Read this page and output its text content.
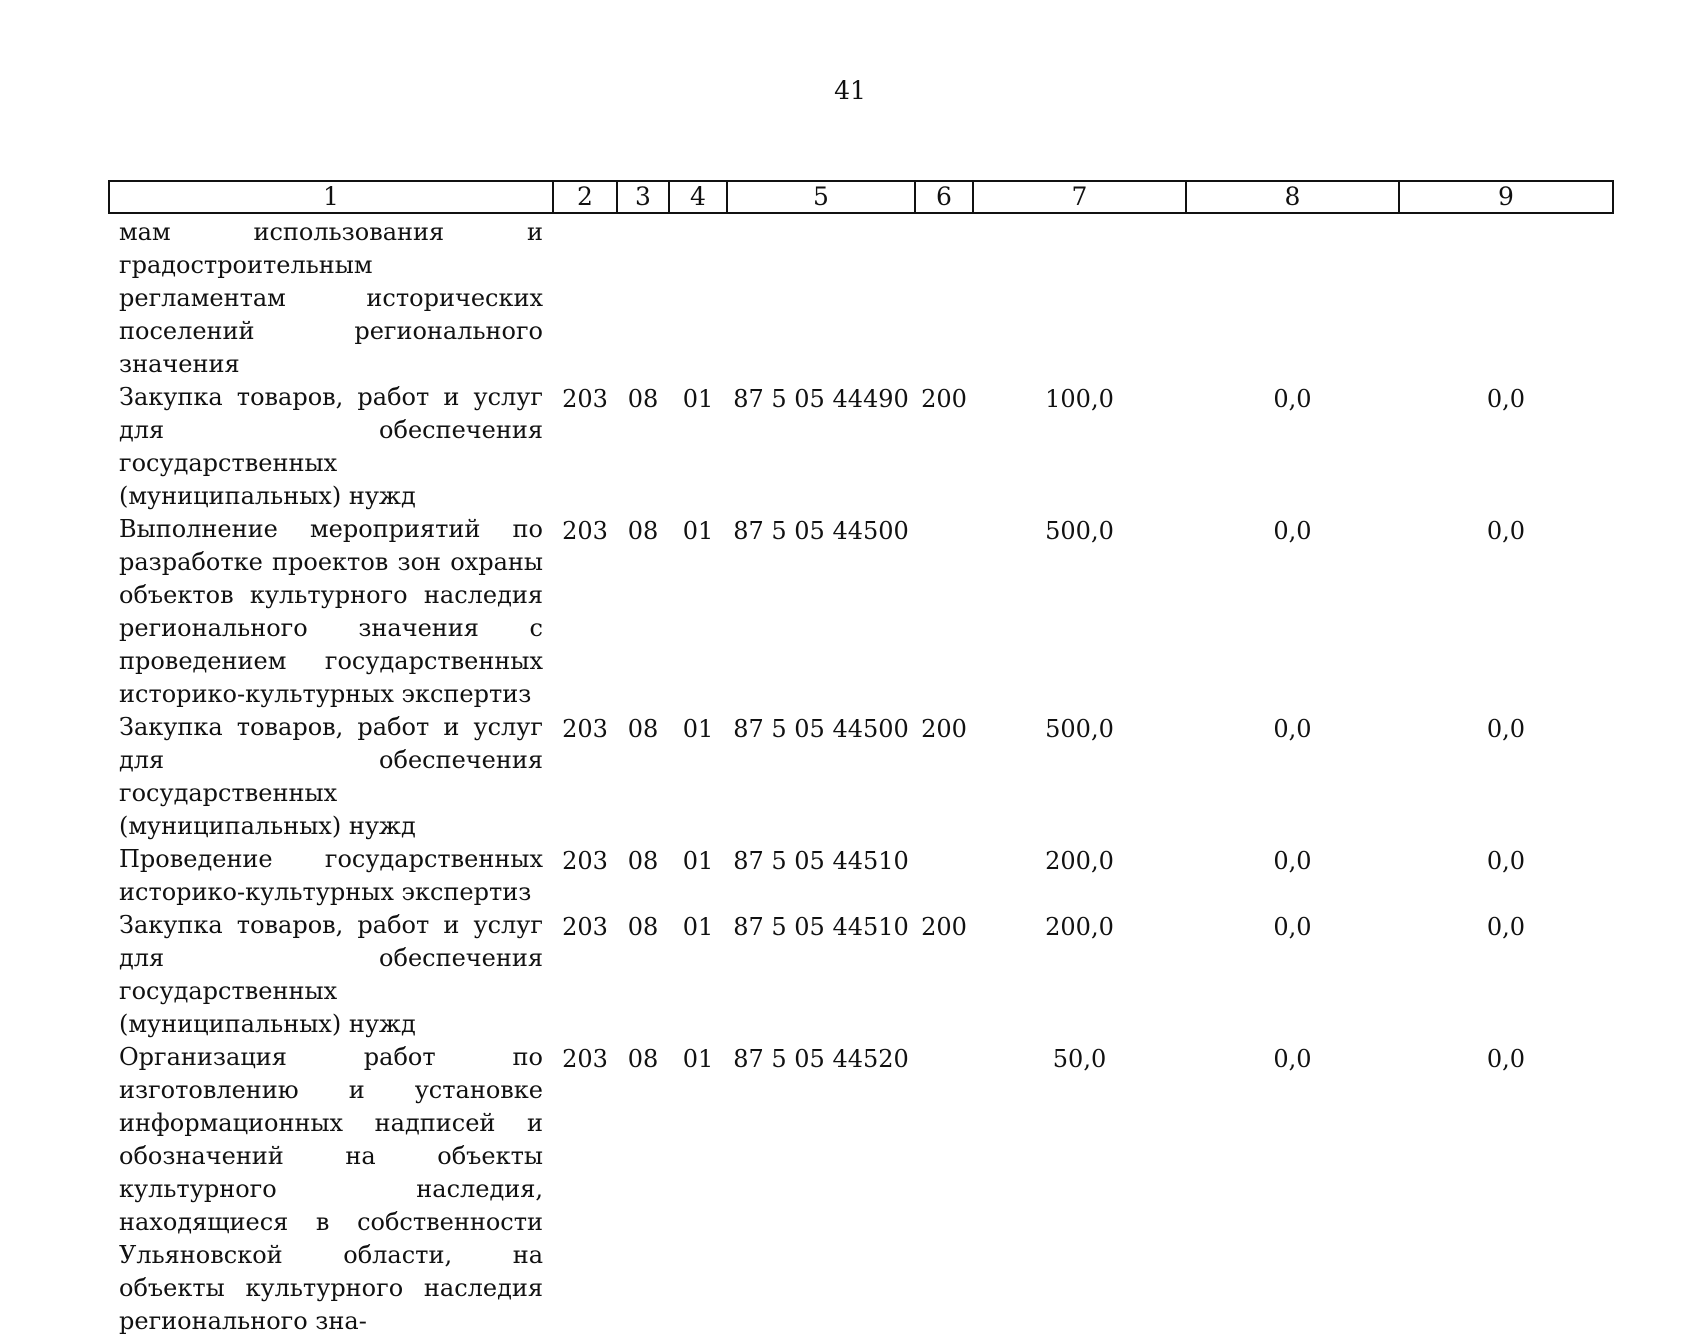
41
1	2	3	4	5	6	7	8	9
мам использования и градостроительным регламентам исторических поселений регионального значения								
Закупка товаров, работ и услуг для обеспечения государственных (муниципальных) нужд	203	08	01	87 5 05 44490	200	100,0	0,0	0,0
Выполнение мероприятий по разработке проектов зон охраны объектов культурного наследия регионального значения с проведением государственных историко-культурных экспертиз	203	08	01	87 5 05 44500		500,0	0,0	0,0
Закупка товаров, работ и услуг для обеспечения государственных (муниципальных) нужд	203	08	01	87 5 05 44500	200	500,0	0,0	0,0
Проведение государственных историко-культурных экспертиз	203	08	01	87 5 05 44510		200,0	0,0	0,0
Закупка товаров, работ и услуг для обеспечения государственных (муниципальных) нужд	203	08	01	87 5 05 44510	200	200,0	0,0	0,0
Организация работ по изготовлению и установке информационных надписей и обозначений на объекты культурного наследия, находящиеся в собственности Ульяновской области, на объекты культурного наследия регионального зна-	203	08	01	87 5 05 44520		50,0	0,0	0,0
